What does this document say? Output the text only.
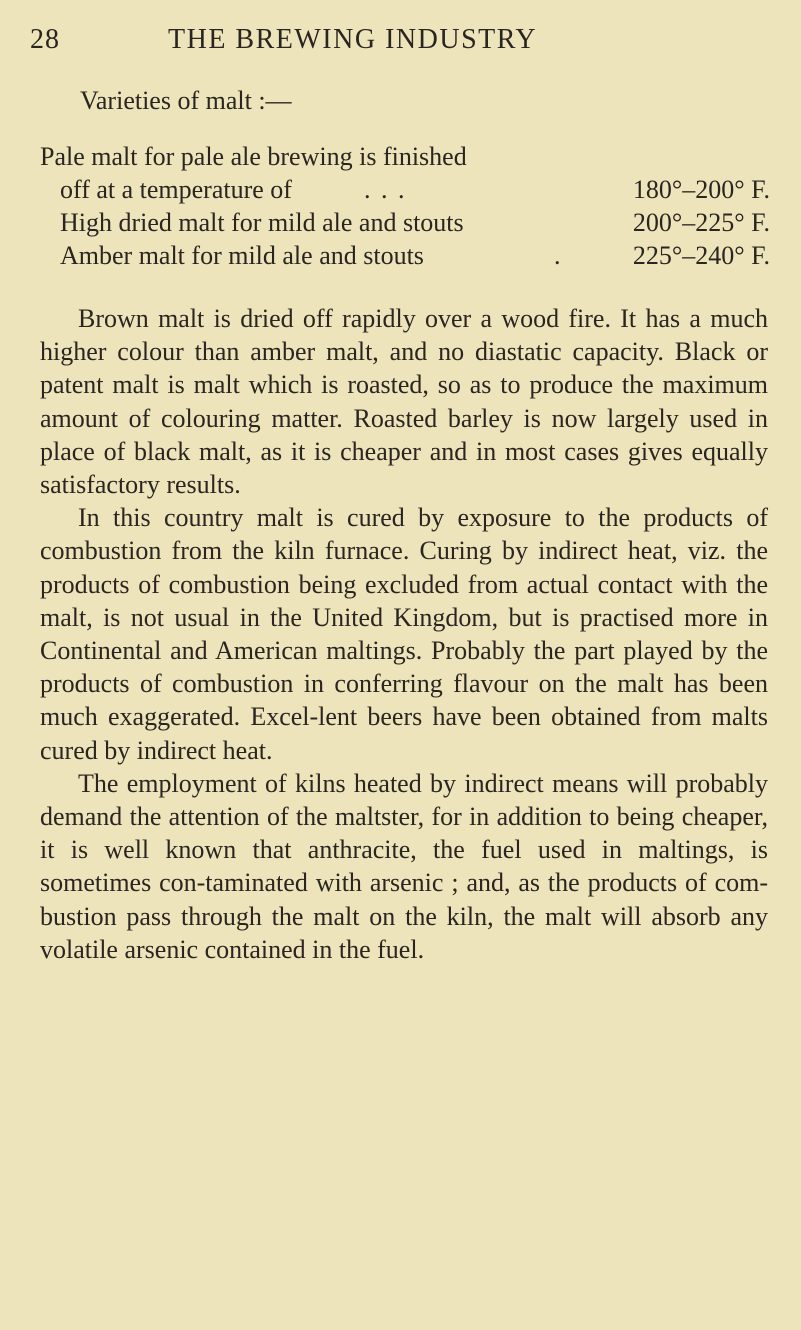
28	THE BREWING INDUSTRY
Varieties of malt :—
Pale malt for pale ale brewing is finished
off at a temperature of	. . .	180°–200° F.
High dried malt for mild ale and stouts	200°–225° F.
Amber malt for mild ale and stouts	.	225°–240° F.

Brown malt is dried off rapidly over a wood fire. It has a much higher colour than amber malt, and no diastatic capacity. Black or patent malt is malt which is roasted, so as to produce the maximum amount of colouring matter. Roasted barley is now largely used in place of black malt, as it is cheaper and in most cases gives equally satisfactory results.

In this country malt is cured by exposure to the products of combustion from the kiln furnace. Curing by indirect heat, viz. the products of combustion being excluded from actual contact with the malt, is not usual in the United Kingdom, but is practised more in Continental and American maltings. Probably the part played by the products of combustion in conferring flavour on the malt has been much exaggerated. Excel-lent beers have been obtained from malts cured by indirect heat.

The employment of kilns heated by indirect means will probably demand the attention of the maltster, for in addition to being cheaper, it is well known that anthracite, the fuel used in maltings, is sometimes con-taminated with arsenic ; and, as the products of com-bustion pass through the malt on the kiln, the malt will absorb any volatile arsenic contained in the fuel.
